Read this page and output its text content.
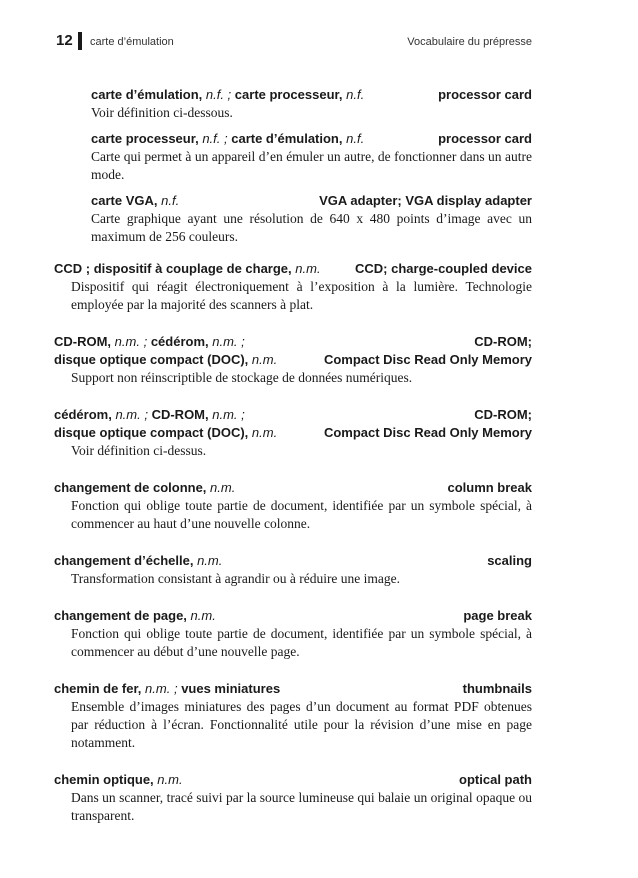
12 carte d’émulation	Vocabulaire du prépresse
carte d’émulation, n.f. ; carte processeur, n.f.	processor card
Voir définition ci-dessous.
carte processeur, n.f. ; carte d’émulation, n.f.	processor card
Carte qui permet à un appareil d’en émuler un autre, de fonctionner dans un autre mode.
carte VGA, n.f.	VGA adapter; VGA display adapter
Carte graphique ayant une résolution de 640 x 480 points d’image avec un maximum de 256 couleurs.
CCD ; dispositif à couplage de charge, n.m.	CCD; charge-coupled device
Dispositif qui réagit électroniquement à l’exposition à la lumière. Technologie employée par la majorité des scanners à plat.
CD-ROM, n.m. ; cédérom, n.m. ;	CD-ROM;
disque optique compact (DOC), n.m.	Compact Disc Read Only Memory
Support non réinscriptible de stockage de données numériques.
cédérom, n.m. ; CD-ROM, n.m. ;	CD-ROM;
disque optique compact (DOC), n.m.	Compact Disc Read Only Memory
Voir définition ci-dessus.
changement de colonne, n.m.	column break
Fonction qui oblige toute partie de document, identifiée par un symbole spécial, à commencer au haut d’une nouvelle colonne.
changement d’échelle, n.m.	scaling
Transformation consistant à agrandir ou à réduire une image.
changement de page, n.m.	page break
Fonction qui oblige toute partie de document, identifiée par un symbole spécial, à commencer au début d’une nouvelle page.
chemin de fer, n.m. ; vues miniatures	thumbnails
Ensemble d’images miniatures des pages d’un document au format PDF obtenues par réduction à l’écran. Fonctionnalité utile pour la révision d’une mise en page notamment.
chemin optique, n.m.	optical path
Dans un scanner, tracé suivi par la source lumineuse qui balaie un original opaque ou transparent.
